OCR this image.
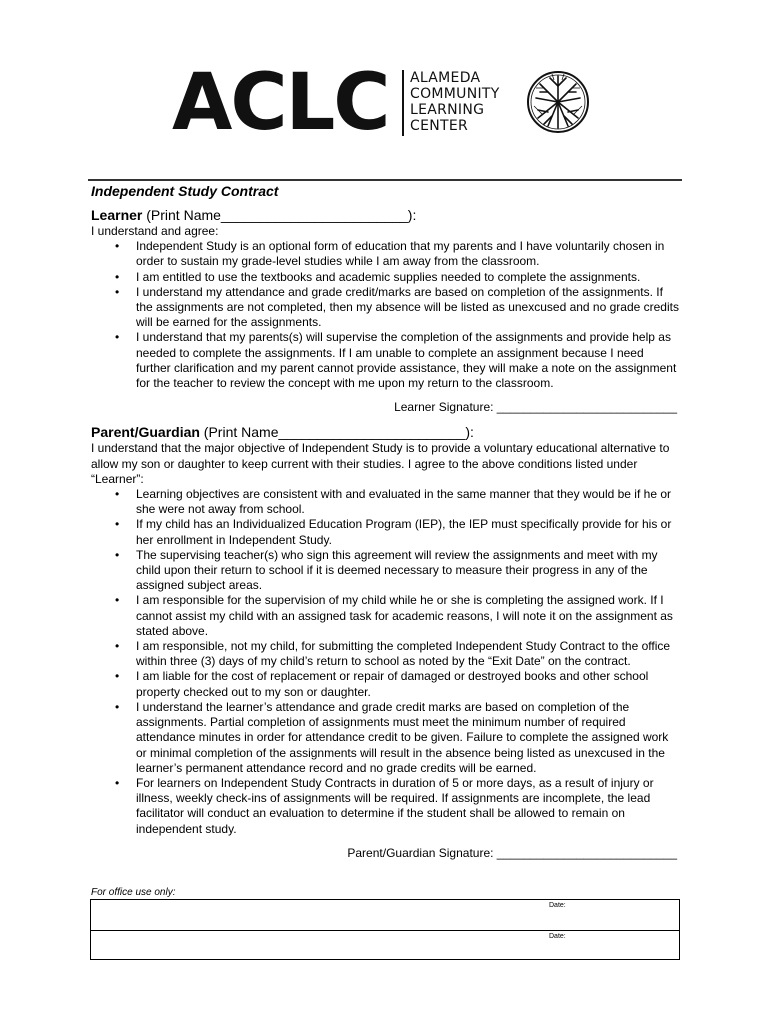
ACLC ALAMEDA
COMMUNITY
LEARNING
CENTER
Independent Study Contract
Learner (Print Name________________________):

I understand and agree:

• Independent Study is an optional form of education that my parents and I have voluntarily chosen in order to sustain my grade-level studies while I am away from the classroom.
• I am entitled to use the textbooks and academic supplies needed to complete the assignments.
• I understand my attendance and grade credit/marks are based on completion of the assignments. If the assignments are not completed, then my absence will be listed as unexcused and no grade credits will be earned for the assignments.
• I understand that my parents(s) will supervise the completion of the assignments and provide help as needed to complete the assignments. If I am unable to complete an assignment because I need further clarification and my parent cannot provide assistance, they will make a note on the assignment for the teacher to review the concept with me upon my return to the classroom.
Learner Signature: ___________________________
Parent/Guardian (Print Name________________________):

I understand that the major objective of Independent Study is to provide a voluntary educational alternative to allow my son or daughter to keep current with their studies. I agree to the above conditions listed under “Learner”:

• Learning objectives are consistent with and evaluated in the same manner that they would be if he or she were not away from school.
• If my child has an Individualized Education Program (IEP), the IEP must specifically provide for his or her enrollment in Independent Study.
• The supervising teacher(s) who sign this agreement will review the assignments and meet with my child upon their return to school if it is deemed necessary to measure their progress in any of the assigned subject areas.
• I am responsible for the supervision of my child while he or she is completing the assigned work. If I cannot assist my child with an assigned task for academic reasons, I will note it on the assignment as stated above.
• I am responsible, not my child, for submitting the completed Independent Study Contract to the office within three (3) days of my child’s return to school as noted by the “Exit Date” on the contract.
• I am liable for the cost of replacement or repair of damaged or destroyed books and other school property checked out to my son or daughter.
• I understand the learner’s attendance and grade credit marks are based on completion of the assignments. Partial completion of assignments must meet the minimum number of required attendance minutes in order for attendance credit to be given. Failure to complete the assigned work or minimal completion of the assignments will result in the absence being listed as unexcused in the learner’s permanent attendance record and no grade credits will be earned.
• For learners on Independent Study Contracts in duration of 5 or more days, as a result of injury or illness, weekly check-ins of assignments will be required. If assignments are incomplete, the lead facilitator will conduct an evaluation to determine if the student shall be allowed to remain on independent study.
Parent/Guardian Signature: ___________________________
For office use only:
Date:
Date:
